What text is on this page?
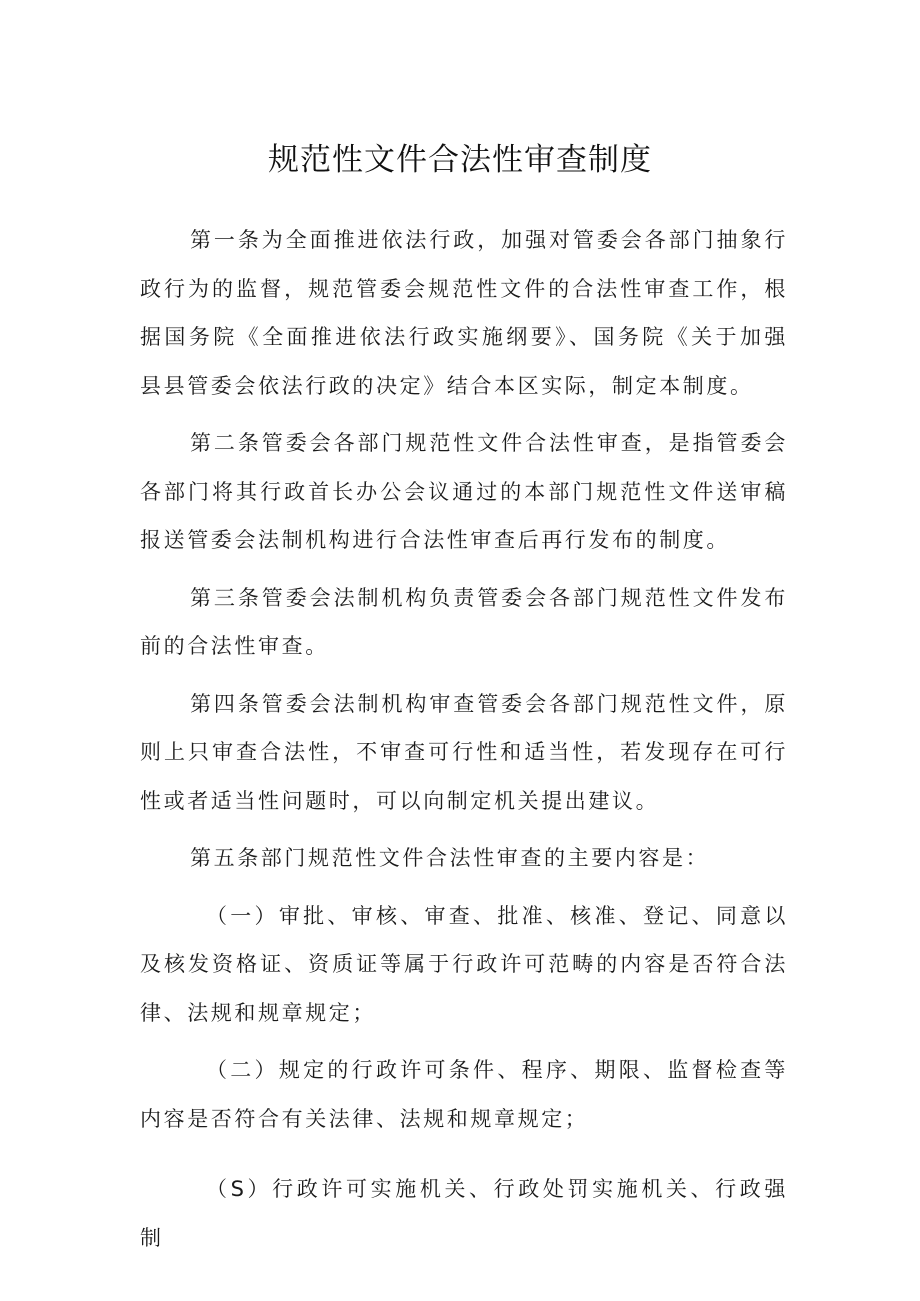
规范性文件合法性审查制度

第一条为全面推进依法行政，加强对管委会各部门抽象行政行为的监督，规范管委会规范性文件的合法性审查工作，根据国务院《全面推进依法行政实施纲要》、国务院《关于加强县县管委会依法行政的决定》结合本区实际，制定本制度。

第二条管委会各部门规范性文件合法性审查，是指管委会各部门将其行政首长办公会议通过的本部门规范性文件送审稿报送管委会法制机构进行合法性审查后再行发布的制度。

第三条管委会法制机构负责管委会各部门规范性文件发布前的合法性审查。

第四条管委会法制机构审查管委会各部门规范性文件，原则上只审查合法性，不审查可行性和适当性，若发现存在可行性或者适当性问题时，可以向制定机关提出建议。

第五条部门规范性文件合法性审查的主要内容是：

（一）审批、审核、审查、批准、核准、登记、同意以及核发资格证、资质证等属于行政许可范畴的内容是否符合法律、法规和规章规定；

（二）规定的行政许可条件、程序、期限、监督检查等内容是否符合有关法律、法规和规章规定；

（S）行政许可实施机关、行政处罚实施机关、行政强制
